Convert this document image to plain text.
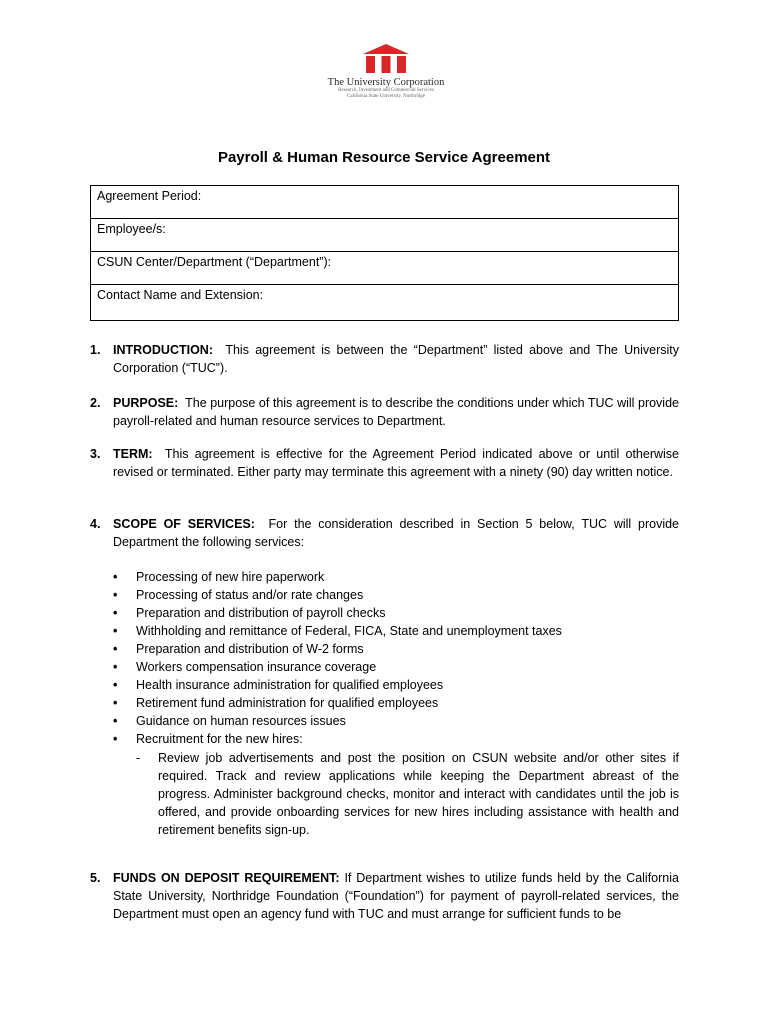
The University Corporation
Research, Investment and Commercial Services
California State University, Northridge
Payroll & Human Resource Service Agreement
Agreement Period:
Employee/s:
CSUN Center/Department (“Department”):
Contact Name and Extension:
1. INTRODUCTION: This agreement is between the “Department” listed above and The University Corporation (“TUC”).
2. PURPOSE: The purpose of this agreement is to describe the conditions under which TUC will provide payroll-related and human resource services to Department.
3. TERM: This agreement is effective for the Agreement Period indicated above or until otherwise revised or terminated. Either party may terminate this agreement with a ninety (90) day written notice.
4. SCOPE OF SERVICES: For the consideration described in Section 5 below, TUC will provide Department the following services:
• Processing of new hire paperwork
• Processing of status and/or rate changes
• Preparation and distribution of payroll checks
• Withholding and remittance of Federal, FICA, State and unemployment taxes
• Preparation and distribution of W-2 forms
• Workers compensation insurance coverage
• Health insurance administration for qualified employees
• Retirement fund administration for qualified employees
• Guidance on human resources issues
• Recruitment for the new hires:
- Review job advertisements and post the position on CSUN website and/or other sites if required. Track and review applications while keeping the Department abreast of the progress. Administer background checks, monitor and interact with candidates until the job is offered, and provide onboarding services for new hires including assistance with health and retirement benefits sign-up.
5. FUNDS ON DEPOSIT REQUIREMENT: If Department wishes to utilize funds held by the California State University, Northridge Foundation (“Foundation”) for payment of payroll-related services, the Department must open an agency fund with TUC and must arrange for sufficient funds to be
